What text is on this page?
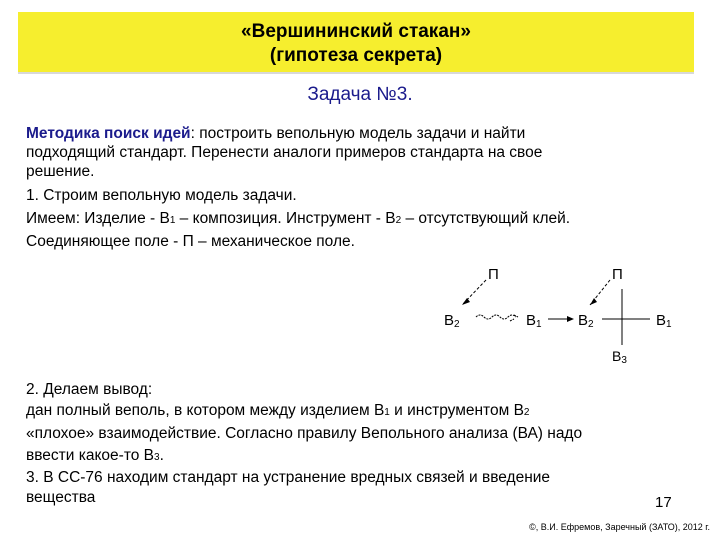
«Вершининский стакан»
(гипотеза секрета)
Задача №3.
Методика поиск идей: построить вепольную модель задачи и найти
подходящий стандарт. Перенести аналоги примеров стандарта на свое
решение.
1. Строим вепольную модель задачи.
Имеем: Изделие - В1 – композиция. Инструмент - В2 – отсутствующий клей.
Соединяющее поле - П – механическое поле.
П
В2	В1
П
В2	В1
В3
2. Делаем вывод:
дан полный веполь, в котором между изделием В1 и инструментом В2
«плохое» взаимодействие. Согласно правилу Вепольного анализа (ВА) надо
ввести какое-то В3.
3. В СС-76 находим стандарт на устранение вредных связей и введение
вещества	17
©, В.И. Ефремов, Заречный (ЗАТО), 2012 г.
